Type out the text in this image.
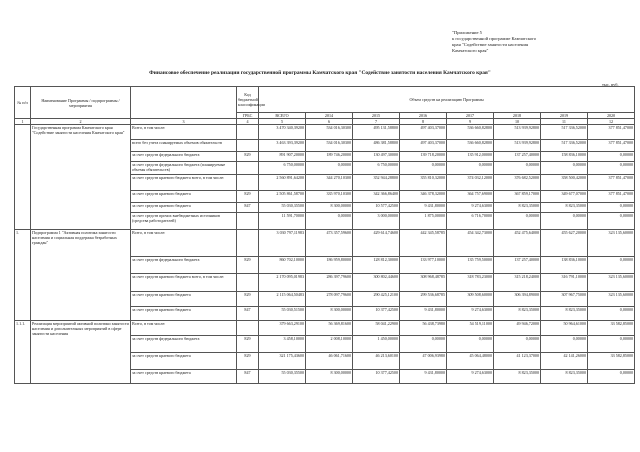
"Приложение 5
к государственной программе Камчатского
края "Содействие занятости населения
Камчатского края"
Финансовое обеспечение реализации государственной программы Камчатского края "Содействие занятости населения Камчатского края"
тыс. руб.
№ п/п	Наименование Программы / подпрограммы / мероприятия		Код бюджетной классификации	Объем средств на реализацию Программы							
			ГРБС	ВСЕГО	2014	2015	2016	2017	2018	2019	2020
1	2	3	4	5	6	7	8	9	10	11	12
	Государственная программа Камчатского края "Содействие занятости населения Камчатского края"	Всего, в том числе:		3 470 340,39200	534 016,30300	495 131,58800	497 403,37000	536 660,82800	513 939,92800	517 336,52000	377 851,47000
		всего без учета планируемых объемов обязательств		3 463 393,39200	534 016,30300	486 381,58800	497 403,37000	536 660,82800	513 939,92800	517 336,52000	377 851,47000
		за счет средств федерального бюджета	829	891 907,20000	189 746,20000	130 497,30000	139 718,20000	135 912,00000	137 257,40000	158 836,10000	0,00000
		за счет средств федерального бюджета (планируемые объемы обязательств)		6 750,00000	0,00000	6 750,00000	0,00000	0,00000	0,00000	0,00000	0,00000
		за счет средств краевого бюджета всего, в том числе:		2 560 891,64200	344 270,10300	352 944,28800	355 810,32000	374 032,12000	376 682,52000	358 500,42000	377 851,47000
		за счет средств краевого бюджета	829	2 505 861,58700	335 970,10300	342 366,86400	346 378,32000	364 757,69000	367 859,17000	349 677,07000	377 851,47000
		за счет средств краевого бюджета	847	55 030,35500	8 300,00000	10 577,42500	9 431,80000	9 274,63000	8 823,35000	8 823,35000	0,00000
		за счет средств прочих внебюджетных источников (средства работодателей)		11 591,70000	0,00000	3 000,00000	1 875,00000	6 716,70000	0,00000	0,00000	0,00000
1.	Подпрограмма 1 "Активная политика занятости населения и социальная поддержка безработных граждан"	Всего, в том числе:		3 030 797,11983	473 357,59600	429 614,74600	442 345,58785	454 342,73000	452 475,64000	455 627,20000	323 135,60000
		за счет средств федерального бюджета	829	860 702,10000	186 959,80000	128 812,30000	133 977,10000	135 759,50000	137 257,40000	138 836,10000	0,00000
		за счет средств краевого бюджета всего, в том числе:		2 170 095,01983	286 397,79600	300 802,44600	308 968,48785	318 783,23000	315 218,24000	316 791,10000	323 135,60000
		за счет средств краевого бюджета	829	2 115 064,50483	278 097,79600	290 425,12100	299 536,68785	309 508,60000	306 394,89000	307 967,75000	323 135,60000
		за счет средств краевого бюджета	847	55 030,51500	8 300,00000	10 377,42500	9 431,80000	9 274,63000	8 823,35000	8 823,35000	0,00000
1.1.1.	Реализация мероприятий активной политики занятости населения и дополнительных мероприятий в сфере занятости населения	Всего, в том числе:		379 663,29100	56 369,81600	58 041,22900	56 438,73980	54 519,11000	49 946,72000	50 964,61000	33 582,85000
		за счет средств федерального бюджета	829	3 458,10000	2 008,10000	1 450,00000	0,00000	0,00000	0,00000	0,00000	0,00000
		за счет средств краевого бюджета	829	321 175,43600	46 061,71600	46 213,60100	47 006,93980	45 064,48000	41 123,37000	42 141,26000	33 582,85000
		за счет средств краевого бюджета	847	55 030,35500	8 300,00000	10 377,42500	9 431,80000	9 274,63000	8 823,35000	8 823,35000	0,00000
